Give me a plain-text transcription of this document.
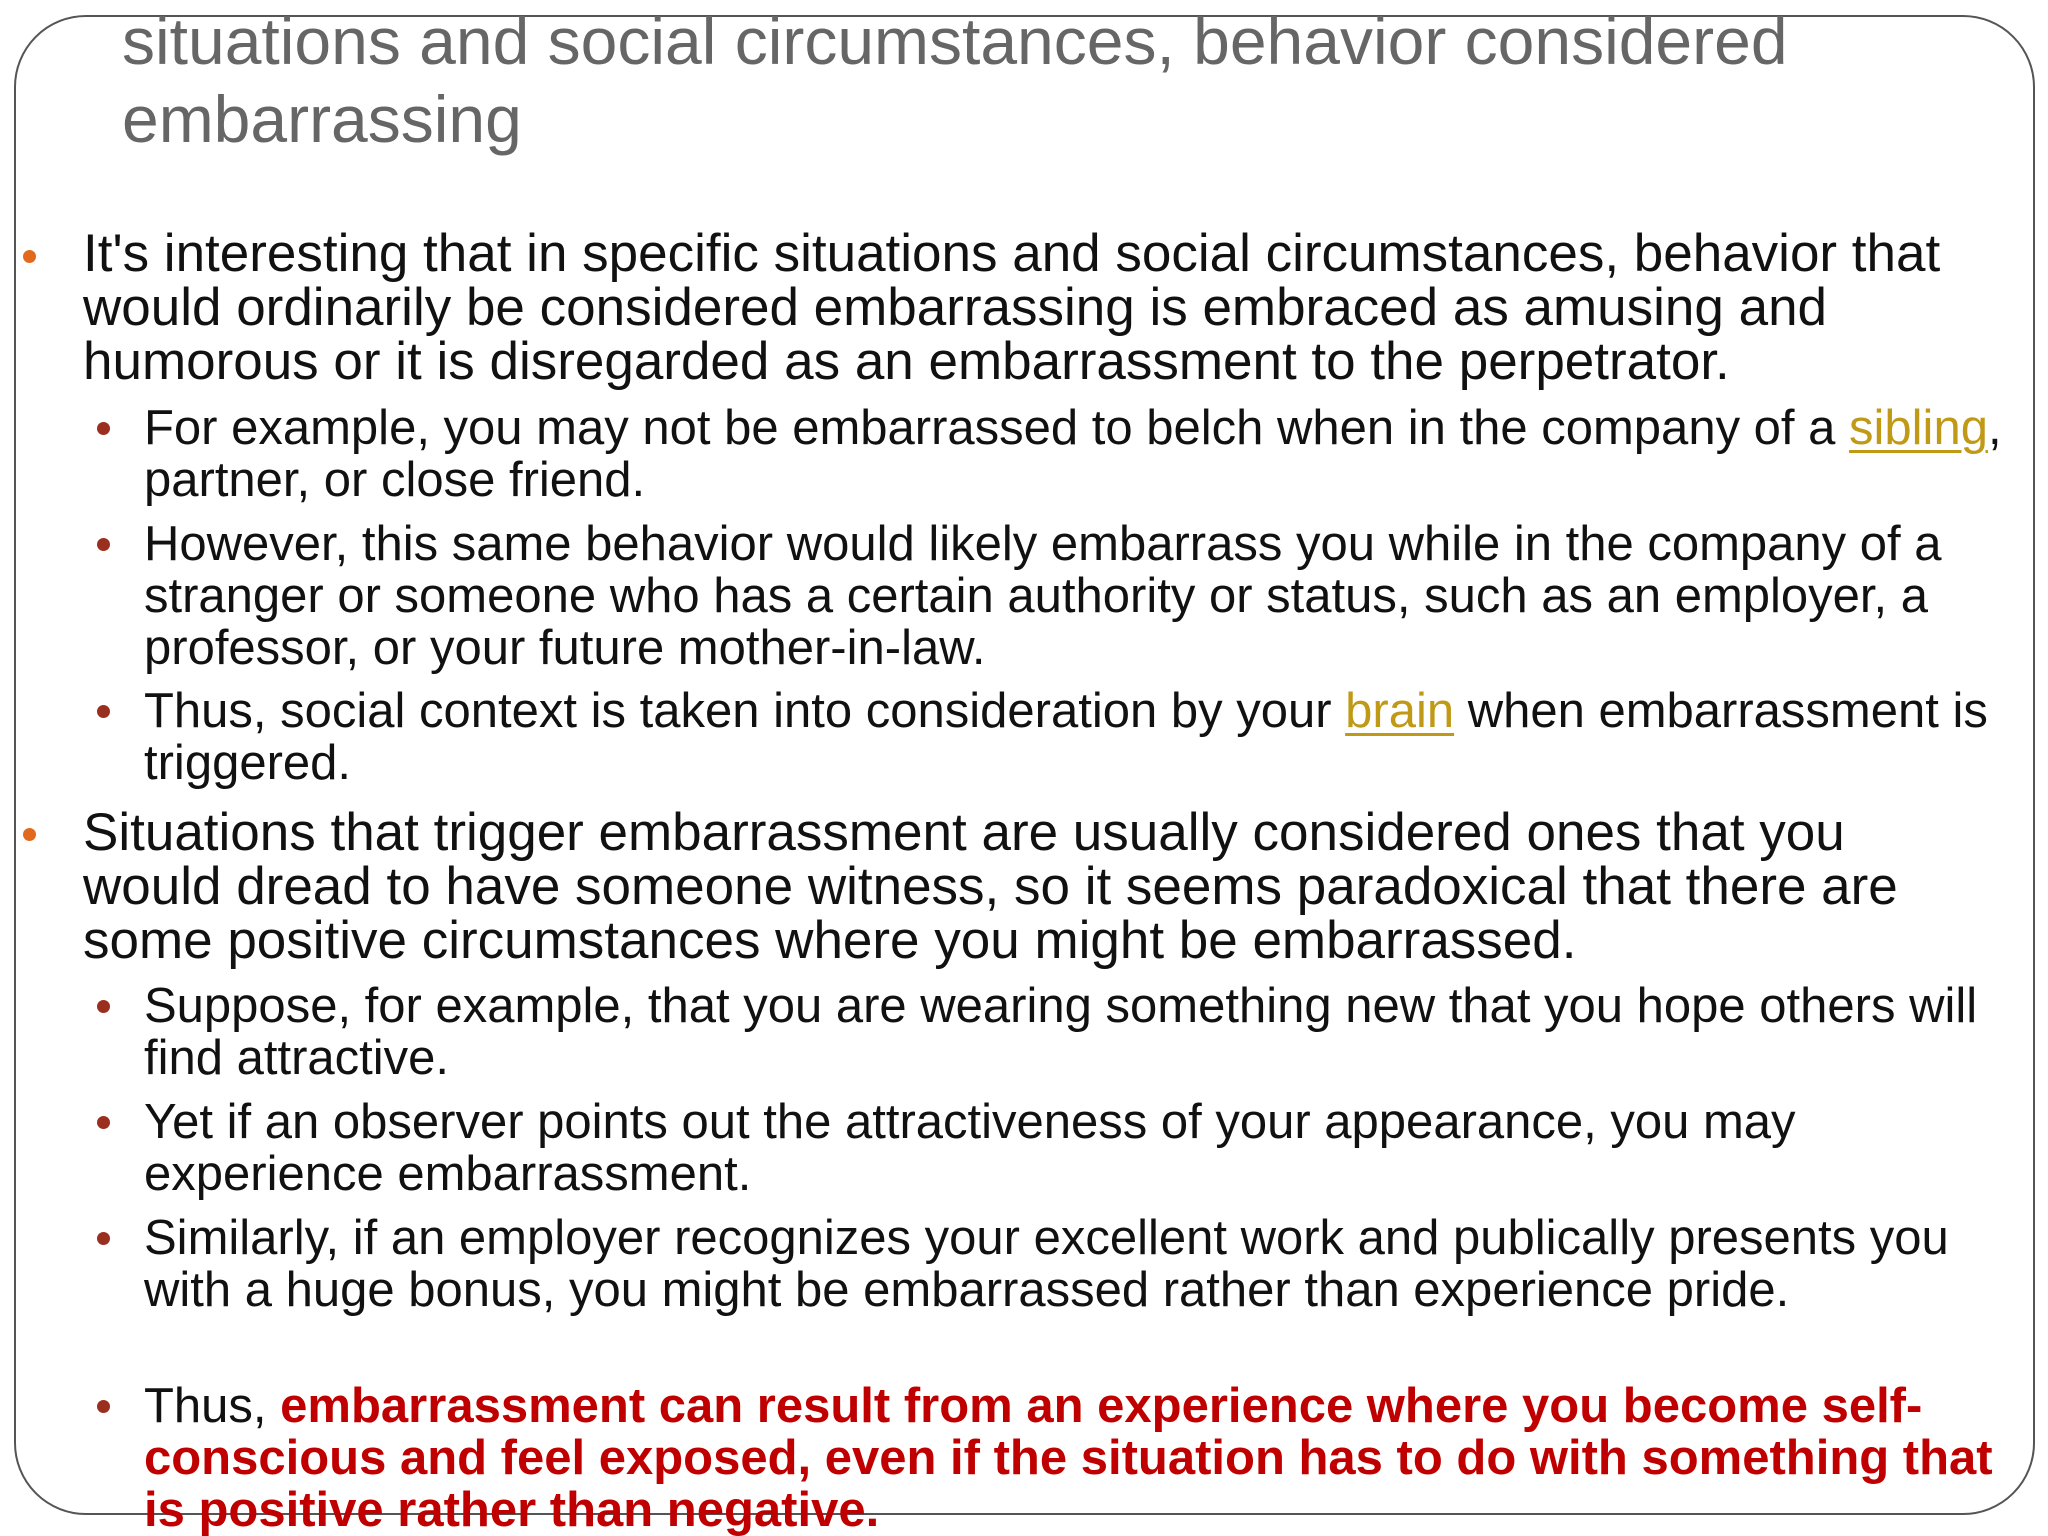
situations and social circumstances, behavior considered embarrassing
It's interesting that in specific situations and social circumstances, behavior that would ordinarily be considered embarrassing is embraced as amusing and humorous or it is disregarded as an embarrassment to the perpetrator.
For example, you may not be embarrassed to belch when in the company of a sibling, partner, or close friend.
However, this same behavior would likely embarrass you while in the company of a stranger or someone who has a certain authority or status, such as an employer, a professor, or your future mother-in-law.
Thus, social context is taken into consideration by your brain when embarrassment is triggered.
Situations that trigger embarrassment are usually considered ones that you would dread to have someone witness, so it seems paradoxical that there are some positive circumstances where you might be embarrassed.
Suppose, for example, that you are wearing something new that you hope others will find attractive.
Yet if an observer points out the attractiveness of your appearance, you may experience embarrassment.
Similarly, if an employer recognizes your excellent work and publically presents you with a huge bonus, you might be embarrassed rather than experience pride.
Thus, embarrassment can result from an experience where you become self-conscious and feel exposed, even if the situation has to do with something that is positive rather than negative.
